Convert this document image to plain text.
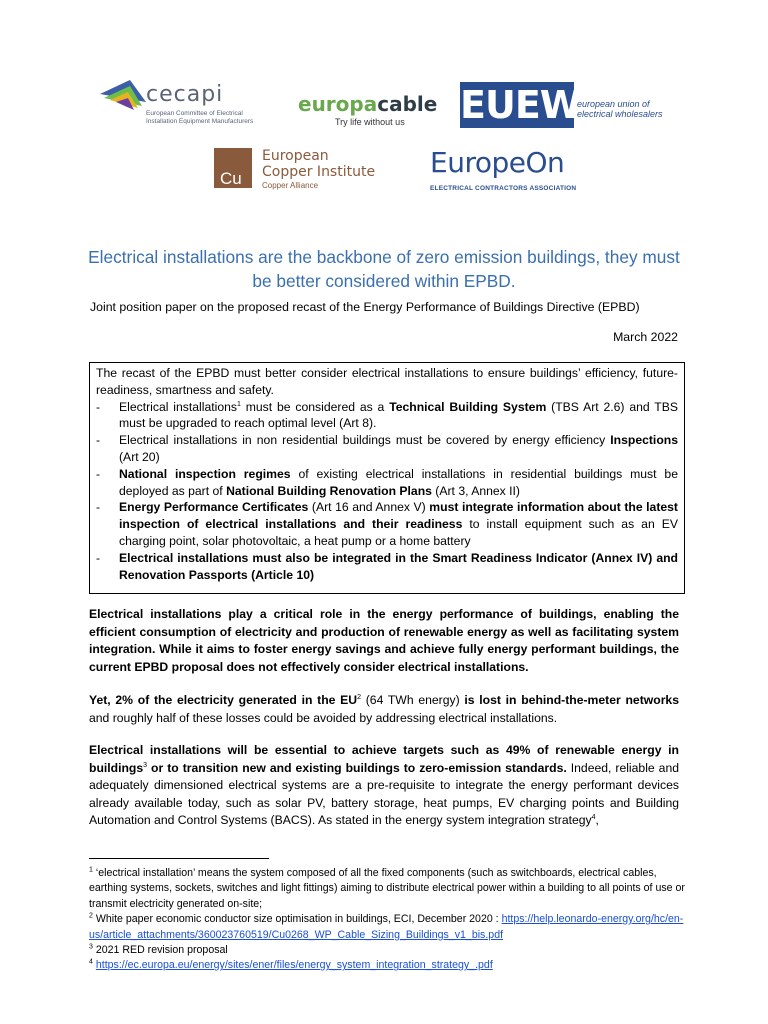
cecapi
European Committee of Electrical Installation Equipment Manufacturers
europacable
Try life without us EUEW
european union of electrical wholesalers
Cu
European Copper Institute
Copper Alliance
EuropeOn
ELECTRICAL CONTRACTORS ASSOCIATION
Electrical installations are the backbone of zero emission buildings, they must be better considered within EPBD.
Joint position paper on the proposed recast of the Energy Performance of Buildings Directive (EPBD)
March 2022

The recast of the EPBD must better consider electrical installations to ensure buildings’ efficiency, future-readiness, smartness and safety.

-	Electrical installations$^1$ must be considered as a Technical Building System (TBS Art 2.6) and TBS must be upgraded to reach optimal level (Art 8).
-	Electrical installations in non residential buildings must be covered by energy efficiency Inspections (Art 20)
-	National inspection regimes of existing electrical installations in residential buildings must be deployed as part of National Building Renovation Plans (Art 3, Annex II)
-	Energy Performance Certificates (Art 16 and Annex V) must integrate information about the latest inspection of electrical installations and their readiness to install equipment such as an EV charging point, solar photovoltaic, a heat pump or a home battery
-	Electrical installations must also be integrated in the Smart Readiness Indicator (Annex IV) and Renovation Passports (Article 10)
Electrical installations play a critical role in the energy performance of buildings, enabling the efficient consumption of electricity and production of renewable energy as well as facilitating system integration. While it aims to foster energy savings and achieve fully energy performant buildings, the current EPBD proposal does not effectively consider electrical installations.
Yet, 2% of the electricity generated in the $EU^2$ (64 TWh energy) is lost in behind-the-meter networks and roughly half of these losses could be avoided by addressing electrical installations.
Electrical installations will be essential to achieve targets such as 49% of renewable energy in buildings$^3$ or to transition new and existing buildings to zero-emission standards. Indeed, reliable and adequately dimensioned electrical systems are a pre-requisite to integrate the energy performant devices already available today, such as solar PV, battery storage, heat pumps, EV charging points and Building Automation and Control Systems (BACS). As stated in the energy system integration strategy$^4$,

$^1$ ‘electrical installation’ means the system composed of all the fixed components (such as switchboards, electrical cables, earthing systems, sockets, switches and light fittings) aiming to distribute electrical power within a building to all points of use or transmit electricity generated on-site;

$^2$ White paper economic conductor size optimisation in buildings, ECI, December 2020 : https://help.leonardo-energy.org/hc/en-us/article_attachments/360023760519/Cu0268_WP_Cable_Sizing_Buildings_v1_bis.pdf

$^3$ 2021 RED revision proposal

$^4$ https://ec.europa.eu/energy/sites/ener/files/energy_system_integration_strategy_.pdf
